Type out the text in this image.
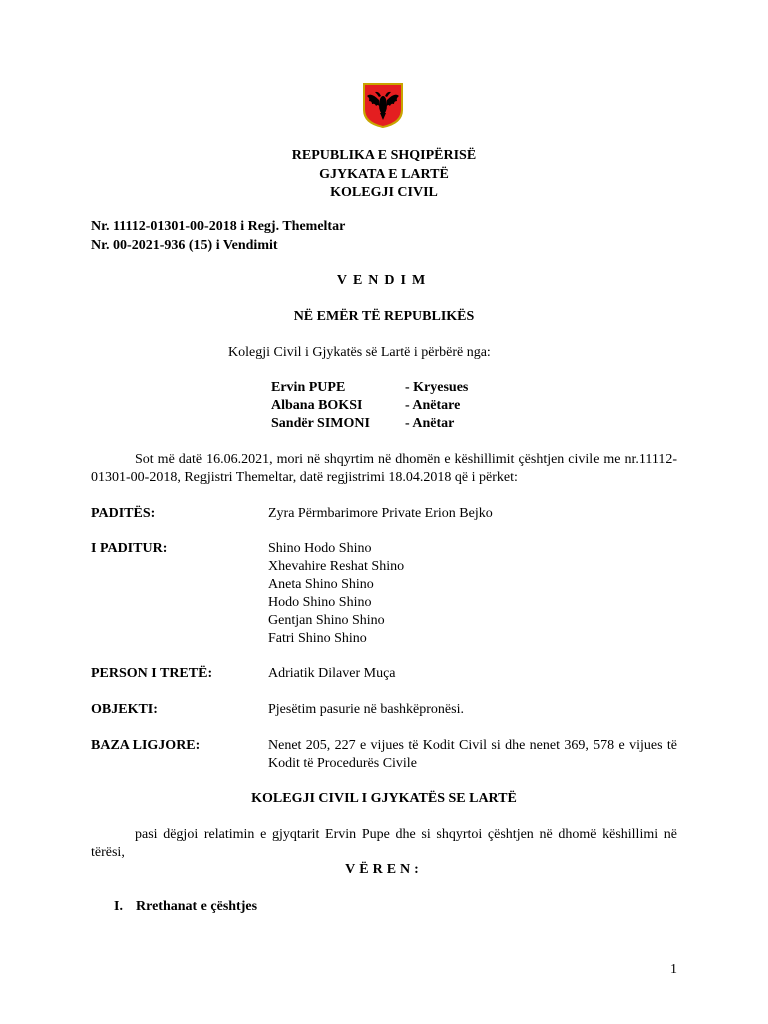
REPUBLIKA E SHQIPËRISË
GJYKATA E LARTË
KOLEGJI CIVIL
Nr. 11112-01301-00-2018 i Regj. Themeltar
Nr. 00-2021-936 (15) i Vendimit
VENDIM
NË EMËR TË REPUBLIKËS
Kolegji Civil i Gjykatës së Lartë i përbërë nga:
Ervin PUPE	- Kryesues
Albana BOKSI	- Anëtare
Sandër SIMONI	- Anëtar
Sot më datë 16.06.2021, mori në shqyrtim në dhomën e këshillimit çështjen civile me nr.11112-01301-00-2018, Regjistri Themeltar, datë regjistrimi 18.04.2018 që i përket:
PADITËS:	Zyra Përmbarimore Private Erion Bejko
I PADITUR:	Shino Hodo Shino
Xhevahire Reshat Shino
Aneta Shino Shino
Hodo Shino Shino
Gentjan Shino Shino
Fatri Shino Shino
PERSON I TRETË:	Adriatik Dilaver Muça
OBJEKTI:	Pjesëtim pasurie në bashkëpronësi.
BAZA LIGJORE:	Nenet 205, 227 e vijues të Kodit Civil si dhe nenet 369, 578 e vijues të Kodit të Procedurës Civile
KOLEGJI CIVIL I GJYKATËS SE LARTË
pasi dëgjoi relatimin e gjyqtarit Ervin Pupe dhe si shqyrtoi çështjen në dhomë këshillimi në tërësi,
VËREN:
I. Rrethanat e çështjes
1
